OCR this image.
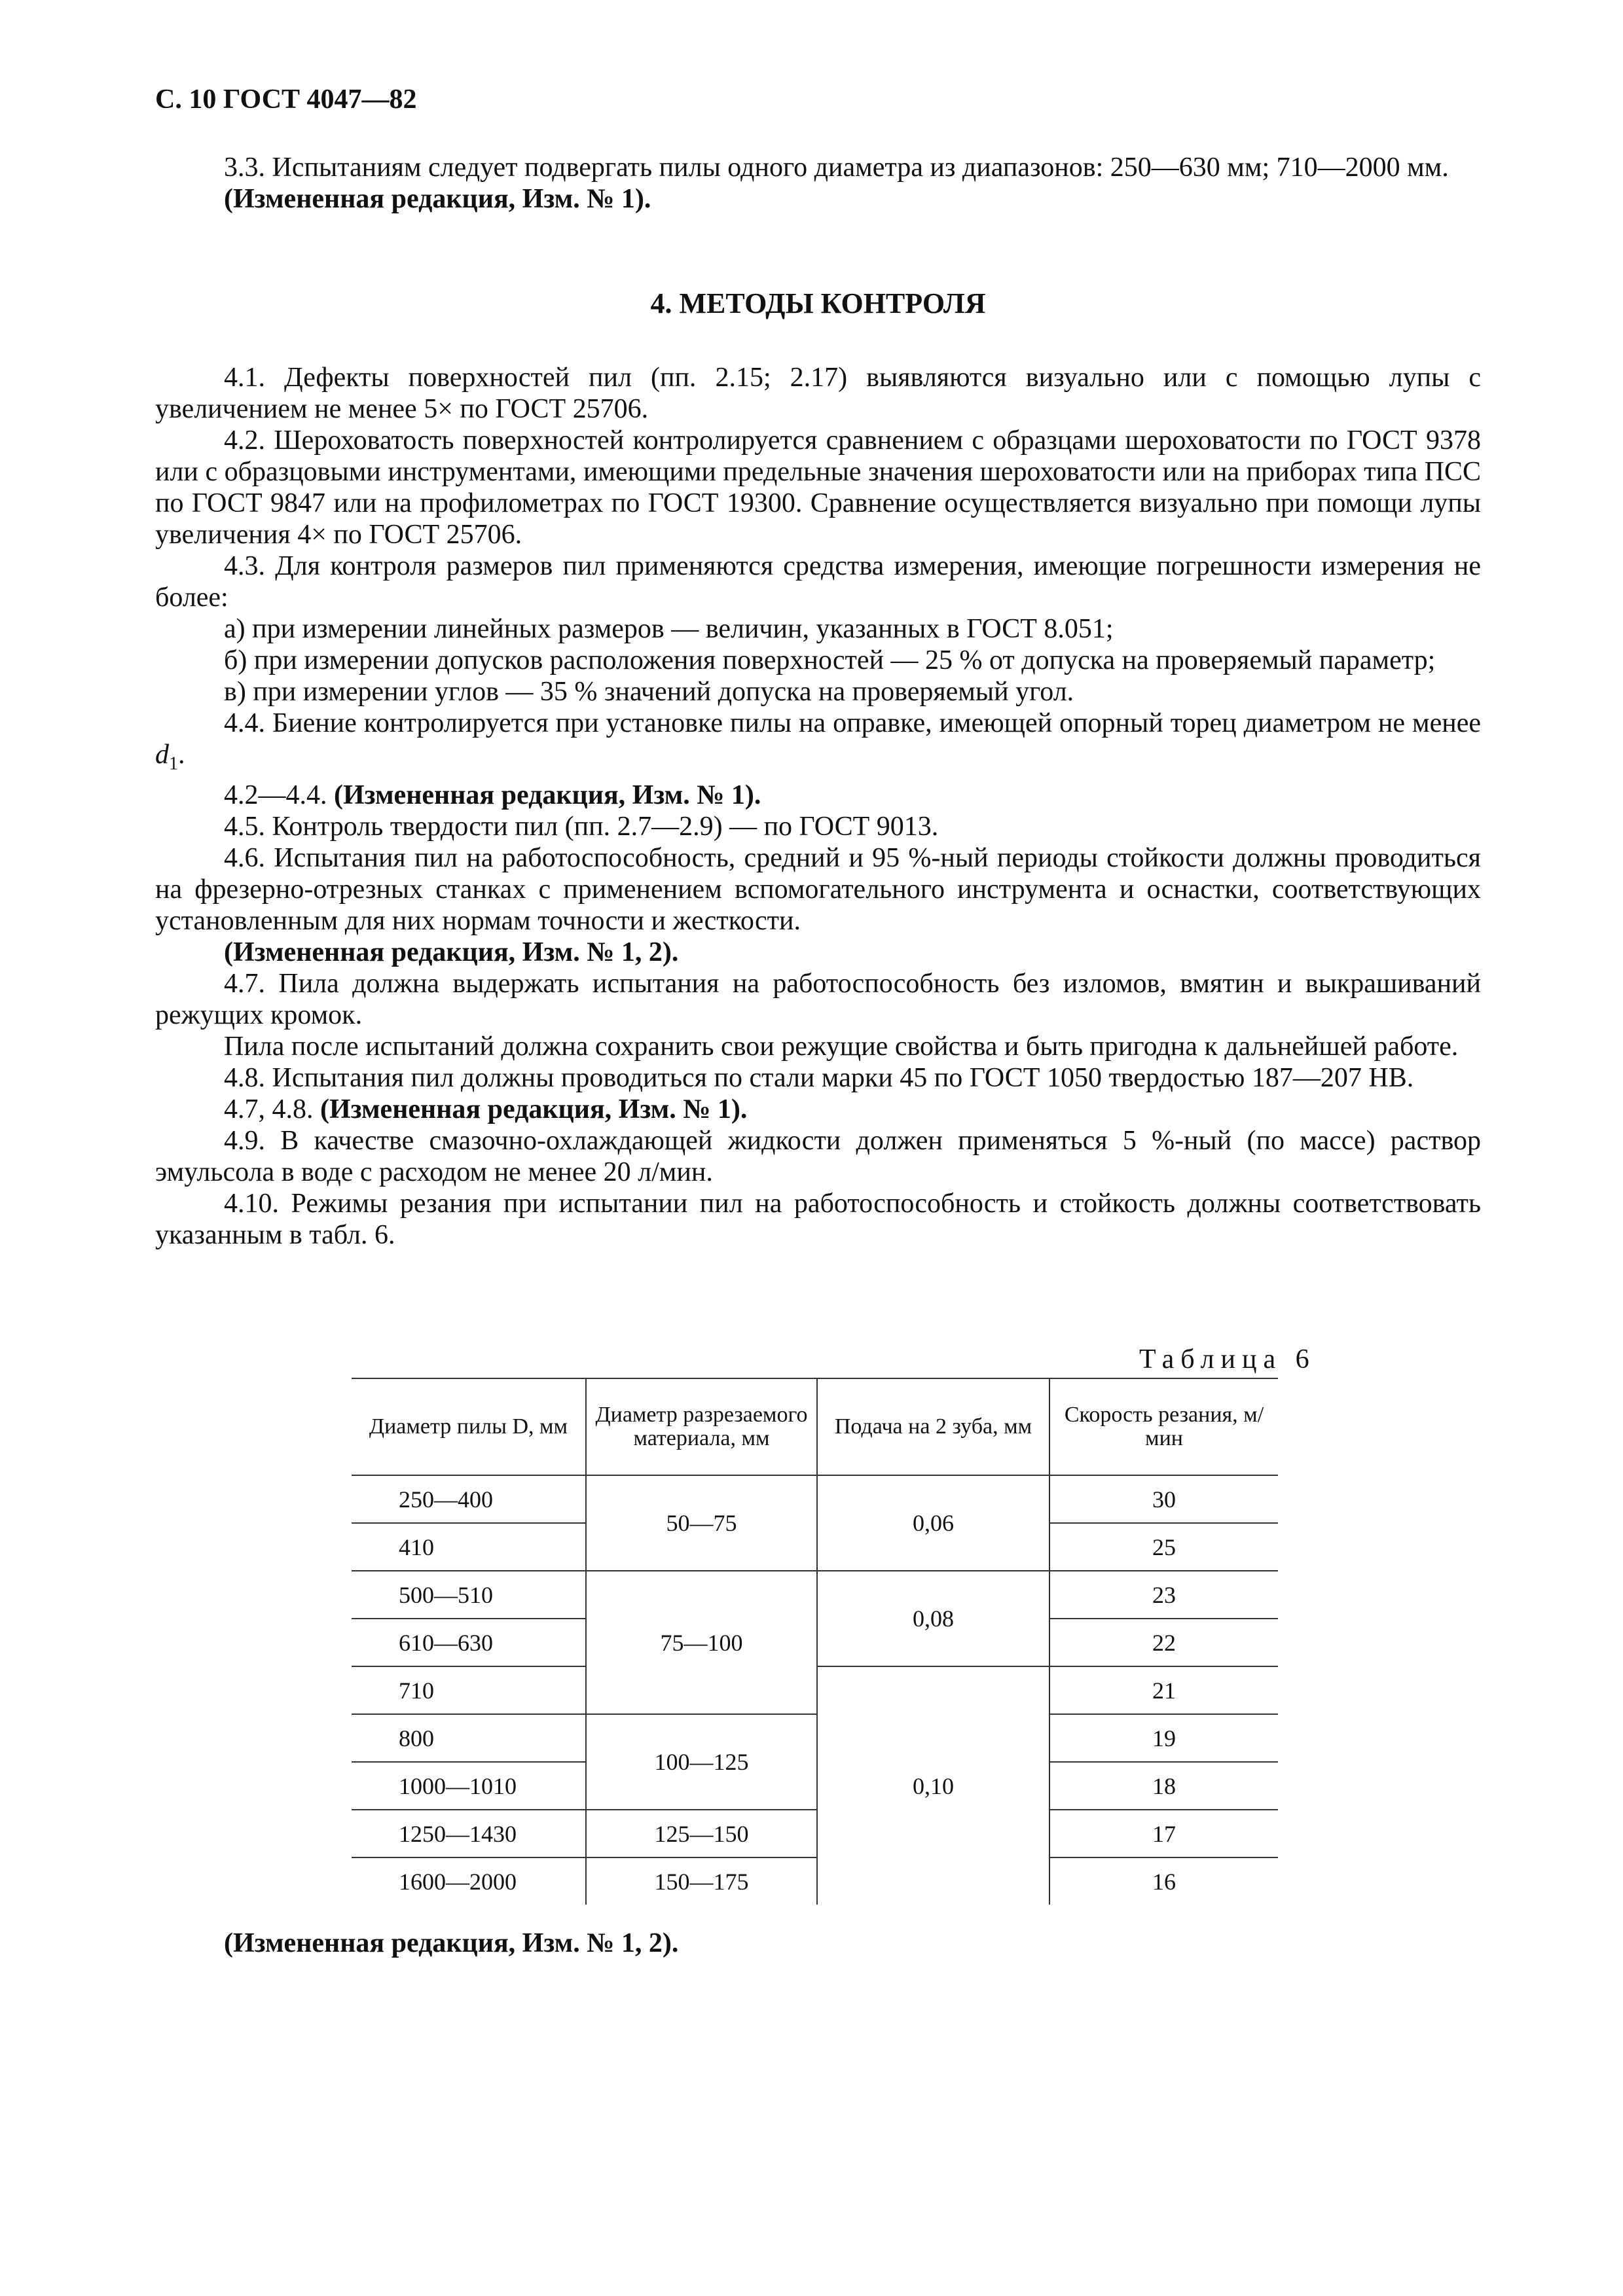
С. 10 ГОСТ 4047—82

3.3. Испытаниям следует подвергать пилы одного диаметра из диапазонов: 250—630 мм; 710—2000 мм.

(Измененная редакция, Изм. № 1).

4. МЕТОДЫ КОНТРОЛЯ

4.1. Дефекты поверхностей пил (пп. 2.15; 2.17) выявляются визуально или с помощью лупы с увеличением не менее 5× по ГОСТ 25706.

4.2. Шероховатость поверхностей контролируется сравнением с образцами шероховатости по ГОСТ 9378 или с образцовыми инструментами, имеющими предельные значения шероховатости или на приборах типа ПСС по ГОСТ 9847 или на профилометрах по ГОСТ 19300. Сравнение осуществляется визуально при помощи лупы увеличения 4× по ГОСТ 25706.

4.3. Для контроля размеров пил применяются средства измерения, имеющие погрешности измерения не более:

а) при измерении линейных размеров — величин, указанных в ГОСТ 8.051;

б) при измерении допусков расположения поверхностей — 25 % от допуска на проверяемый параметр;

в) при измерении углов — 35 % значений допуска на проверяемый угол.

4.4. Биение контролируется при установке пилы на оправке, имеющей опорный торец диаметром не менее $d_1$.

4.2—4.4. (Измененная редакция, Изм. № 1).

4.5. Контроль твердости пил (пп. 2.7—2.9) — по ГОСТ 9013.

4.6. Испытания пил на работоспособность, средний и 95 %-ный периоды стойкости должны проводиться на фрезерно-отрезных станках с применением вспомогательного инструмента и оснастки, соответствующих установленным для них нормам точности и жесткости.

(Измененная редакция, Изм. № 1, 2).

4.7. Пила должна выдержать испытания на работоспособность без изломов, вмятин и выкрашиваний режущих кромок.

Пила после испытаний должна сохранить свои режущие свойства и быть пригодна к дальнейшей работе.

4.8. Испытания пил должны проводиться по стали марки 45 по ГОСТ 1050 твердостью 187—207 НВ.

4.7, 4.8. (Измененная редакция, Изм. № 1).

4.9. В качестве смазочно-охлаждающей жидкости должен применяться 5 %-ный (по массе) раствор эмульсола в воде с расходом не менее 20 л/мин.

4.10. Режимы резания при испытании пил на работоспособность и стойкость должны соответствовать указанным в табл. 6.

Таблица 6
Диаметр пилы D, мм	Диаметр разрезаемого материала, мм	Подача на 2 зуба, мм	Скорость резания, м/мин
250—400	50—75	0,06	30
410			25
500—510	75—100	0,08	23
610—630			22
710		0,10	21
800	100—125		19
1000—1010			18
1250—1430	125—150		17
1600—2000	150—175		16
(Измененная редакция, Изм. № 1, 2).
